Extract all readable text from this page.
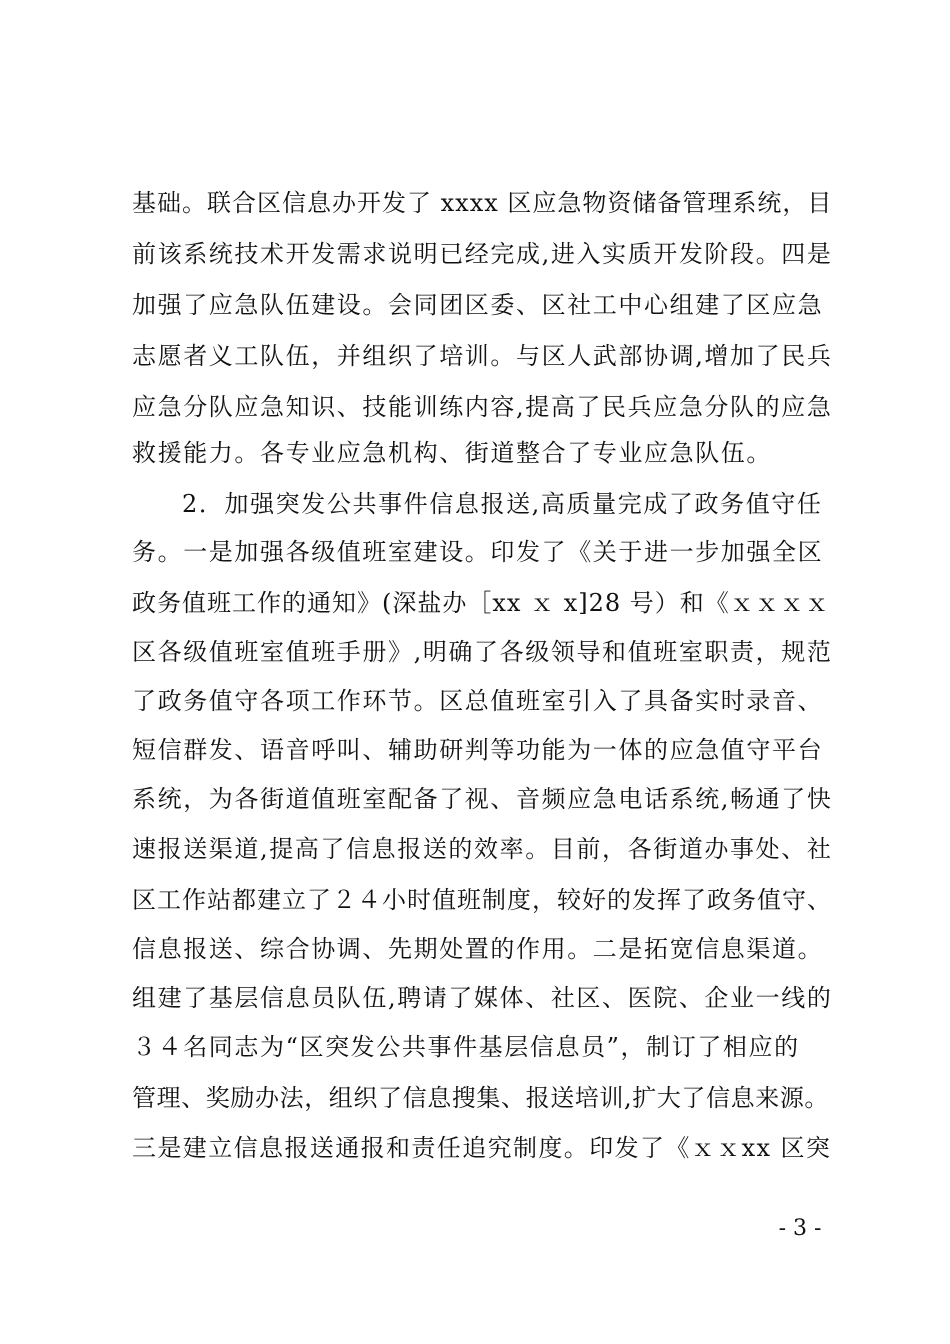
基础。联合区信息办开发了 xxxx 区应急物资储备管理系统，目
前该系统技术开发需求说明已经完成,进入实质开发阶段。四是
加强了应急队伍建设。会同团区委、区社工中心组建了区应急
志愿者义工队伍，并组织了培训。与区人武部协调,增加了民兵
应急分队应急知识、技能训练内容,提高了民兵应急分队的应急
救援能力。各专业应急机构、街道整合了专业应急队伍。
2．加强突发公共事件信息报送,高质量完成了政务值守任
务。一是加强各级值班室建设。印发了《关于进一步加强全区
政务值班工作的通知》(深盐办［xx ｘ x]28 号）和《ｘｘｘｘ
区各级值班室值班手册》,明确了各级领导和值班室职责，规范
了政务值守各项工作环节。区总值班室引入了具备实时录音、
短信群发、语音呼叫、辅助研判等功能为一体的应急值守平台
系统，为各街道值班室配备了视、音频应急电话系统,畅通了快
速报送渠道,提高了信息报送的效率。目前，各街道办事处、社
区工作站都建立了２４小时值班制度，较好的发挥了政务值守、
信息报送、综合协调、先期处置的作用。二是拓宽信息渠道。
组建了基层信息员队伍,聘请了媒体、社区、医院、企业一线的
３４名同志为“区突发公共事件基层信息员”，制订了相应的
管理、奖励办法，组织了信息搜集、报送培训,扩大了信息来源。
三是建立信息报送通报和责任追究制度。印发了《ｘｘxx 区突
- 3 -
